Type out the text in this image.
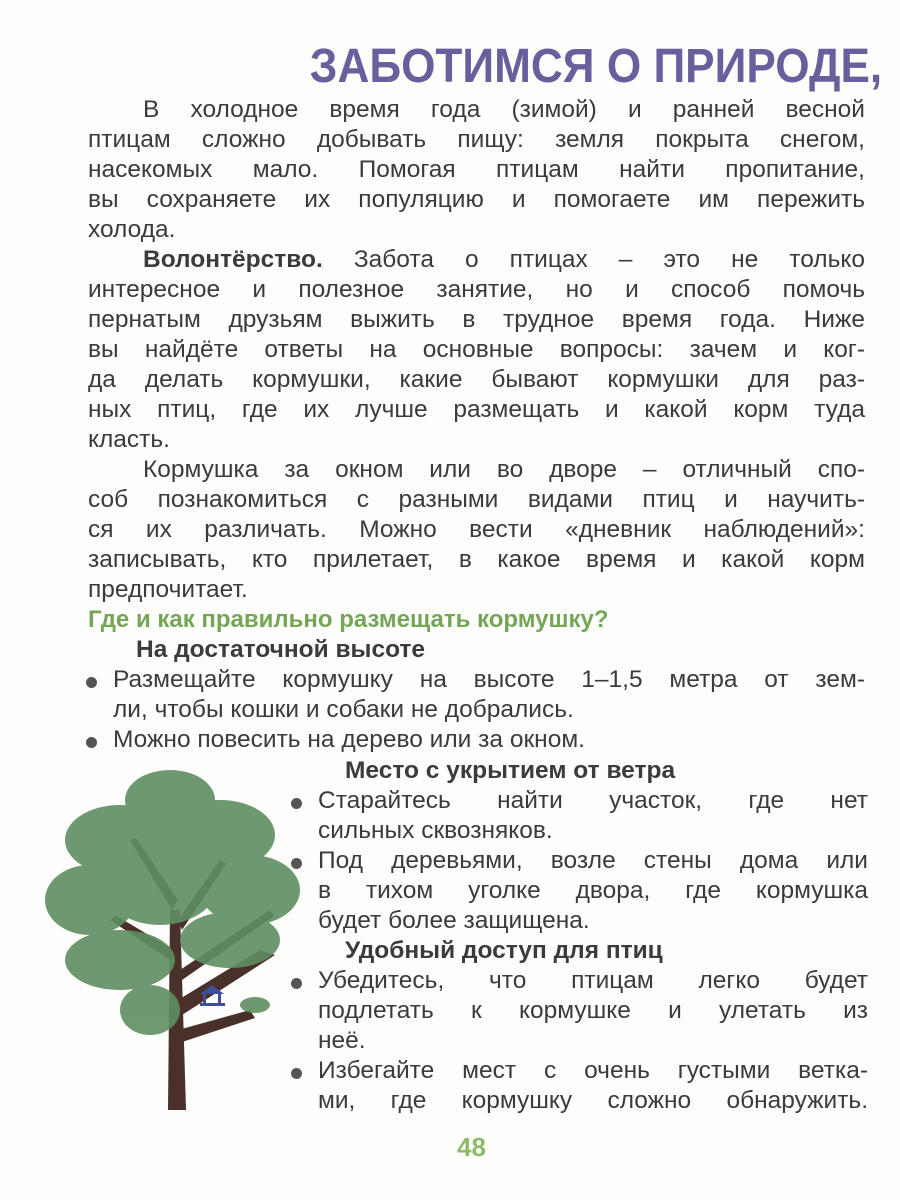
ЗАБОТИМСЯ О ПРИРОДЕ,
В холодное время года (зимой) и ранней весной
птицам сложно добывать пищу: земля покрыта снегом,
насекомых мало. Помогая птицам найти пропитание,
вы сохраняете их популяцию и помогаете им пережить
холода.
Волонтёрство. Забота о птицах – это не только
интересное и полезное занятие, но и способ помочь
пернатым друзьям выжить в трудное время года. Ниже
вы найдёте ответы на основные вопросы: зачем и ког-
да делать кормушки, какие бывают кормушки для раз-
ных птиц, где их лучше размещать и какой корм туда
класть.
Кормушка за окном или во дворе – отличный спо-
соб познакомиться с разными видами птиц и научить-
ся их различать. Можно вести «дневник наблюдений»:
записывать, кто прилетает, в какое время и какой корм
предпочитает.
Где и как правильно размещать кормушку?
На достаточной высоте
Размещайте кормушку на высоте 1–1,5 метра от зем-
ли, чтобы кошки и собаки не добрались.
Можно повесить на дерево или за окном.
Место с укрытием от ветра
Старайтесь найти участок, где нет
сильных сквозняков.
Под деревьями, возле стены дома или
в тихом уголке двора, где кормушка
будет более защищена.
Удобный доступ для птиц
Убедитесь, что птицам легко будет
подлетать к кормушке и улетать из
неё.
Избегайте мест с очень густыми ветка-
ми, где кормушку сложно обнаружить.
48
